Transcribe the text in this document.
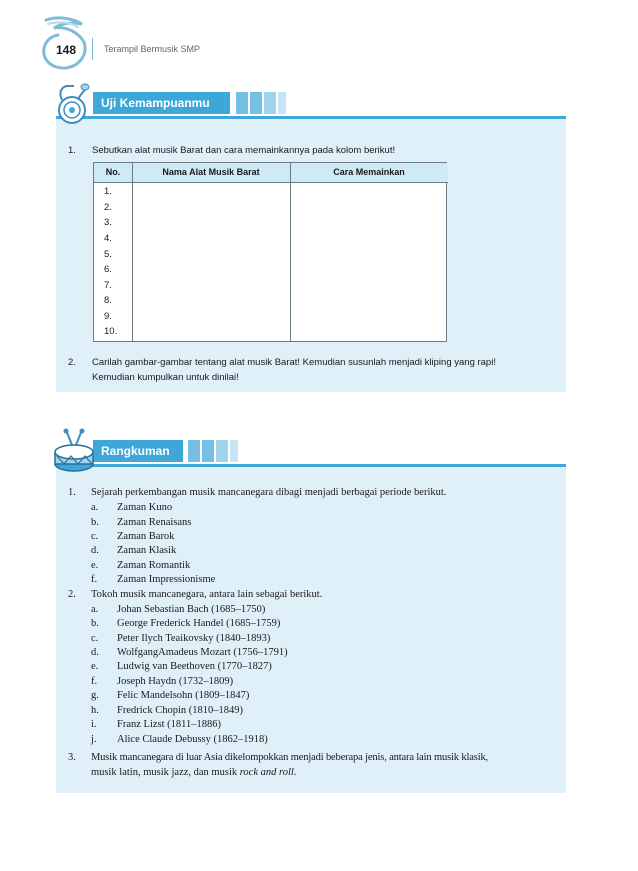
148	Terampil Bermusik SMP
Uji Kemampuanmu
1. Sebutkan alat musik Barat dan cara memainkannya pada kolom berikut!
No.	Nama Alat Musik Barat	Cara Memainkan
1.
2.
3.
4.
5.
6.
7.
8.
9.
10.
2. Carilah gambar-gambar tentang alat musik Barat! Kemudian susunlah menjadi kliping yang rapi!
Kemudian kumpulkan untuk dinilai!
Rangkuman
1. Sejarah perkembangan musik mancanegara dibagi menjadi berbagai periode berikut.
a. Zaman Kuno
b. Zaman Renaisans
c. Zaman Barok
d. Zaman Klasik
e. Zaman Romantik
f. Zaman Impressionisme
2. Tokoh musik mancanegara, antara lain sebagai berikut.
a. Johan Sebastian Bach (1685–1750)
b. George Frederick Handel (1685–1759)
c. Peter Ilych Teaikovsky (1840–1893)
d. WolfgangAmadeus Mozart (1756–1791)
e. Ludwig van Beethoven (1770–1827)
f. Joseph Haydn (1732–1809)
g. Felic Mandelsohn (1809–1847)
h. Fredrick Chopin (1810–1849)
i. Franz Lizst (1811–1886)
j. Alice Claude Debussy (1862–1918)
3. Musik mancanegara di luar Asia dikelompokkan menjadi beberapa jenis, antara lain musik klasik,
musik latin, musik jazz, dan musik rock and roll.
